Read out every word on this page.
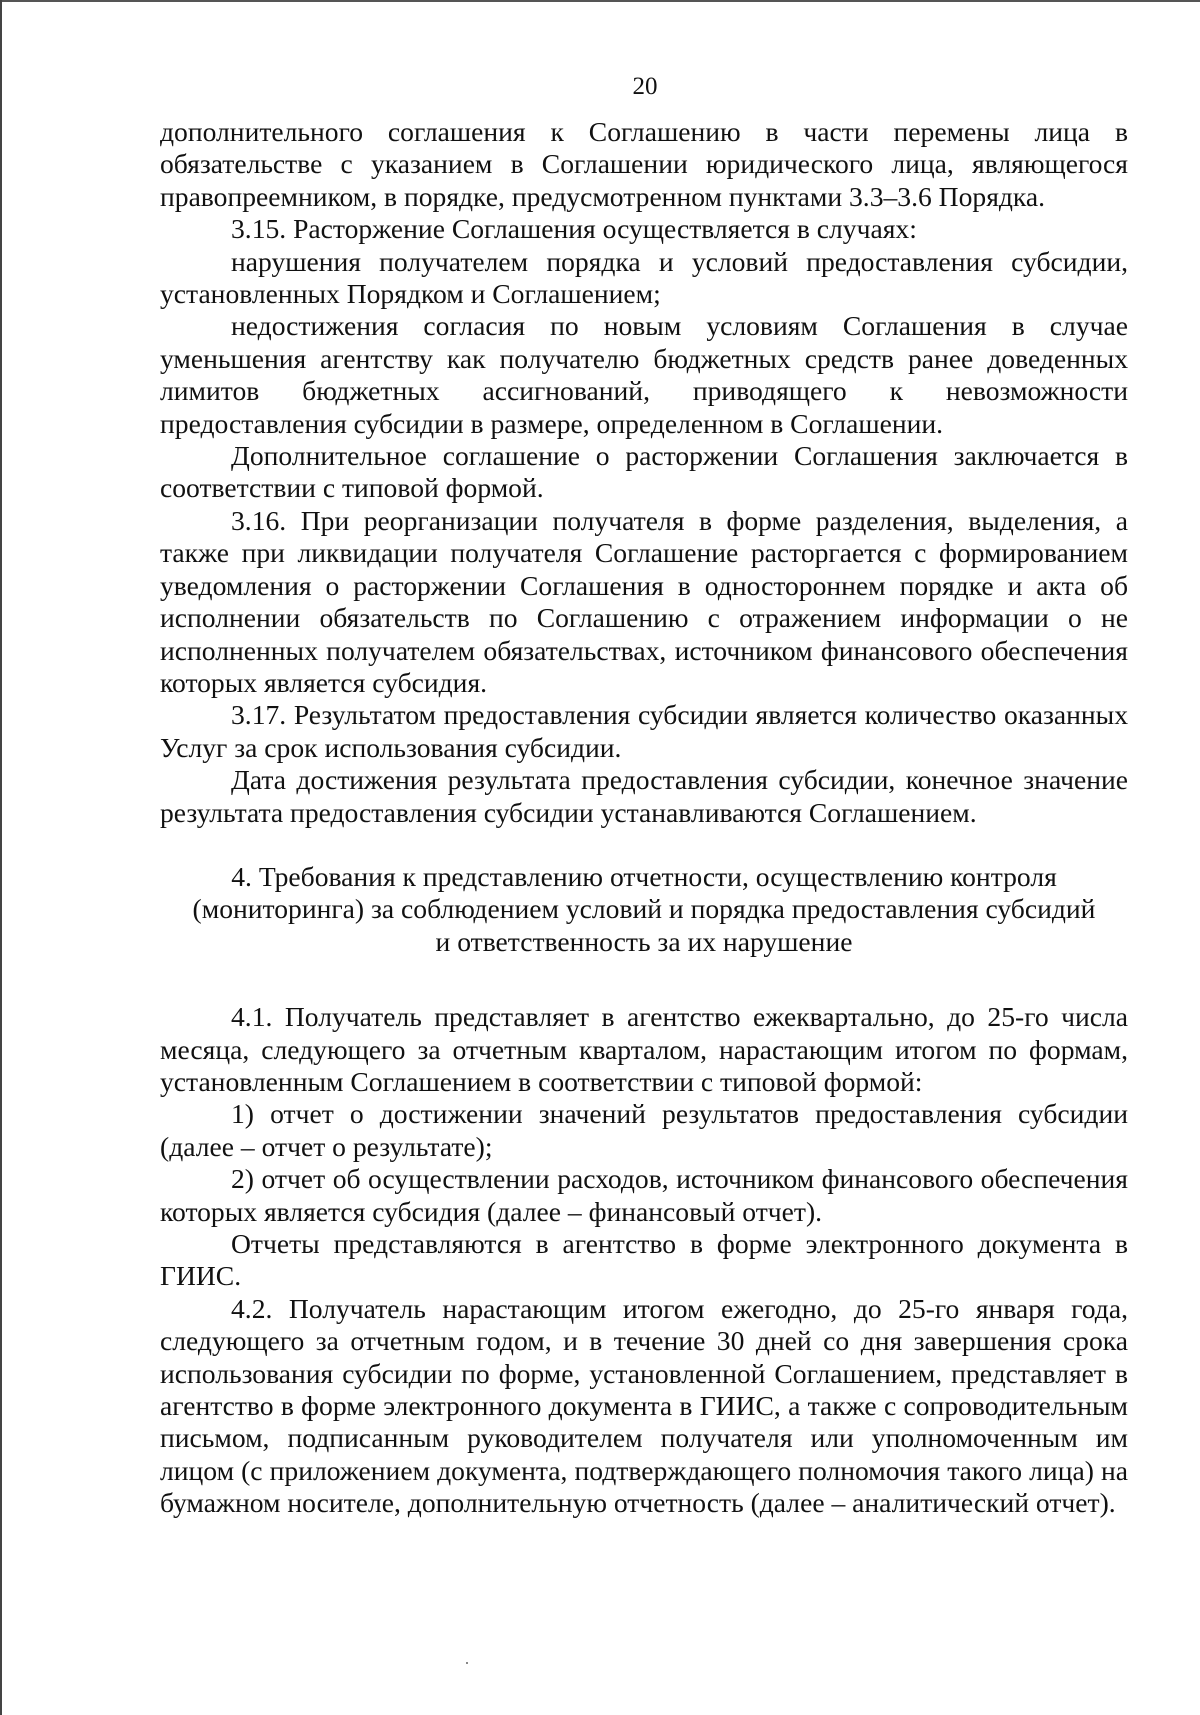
20

дополнительного соглашения к Соглашению в части перемены лица в обязательстве с указанием в Соглашении юридического лица, являющегося правопреемником, в порядке, предусмотренном пунктами 3.3–3.6 Порядка.

3.15. Расторжение Соглашения осуществляется в случаях:

нарушения получателем порядка и условий предоставления субсидии, установленных Порядком и Соглашением;

недостижения согласия по новым условиям Соглашения в случае уменьшения агентству как получателю бюджетных средств ранее доведенных лимитов бюджетных ассигнований, приводящего к невозможности предоставления субсидии в размере, определенном в Соглашении.

Дополнительное соглашение о расторжении Соглашения заключается в соответствии с типовой формой.

3.16. При реорганизации получателя в форме разделения, выделения, а также при ликвидации получателя Соглашение расторгается с формированием уведомления о расторжении Соглашения в одностороннем порядке и акта об исполнении обязательств по Соглашению с отражением информации о не исполненных получателем обязательствах, источником финансового обеспечения которых является субсидия.

3.17. Результатом предоставления субсидии является количество оказанных Услуг за срок использования субсидии.

Дата достижения результата предоставления субсидии, конечное значение результата предоставления субсидии устанавливаются Соглашением.

4. Требования к представлению отчетности, осуществлению контроля

(мониторинга) за соблюдением условий и порядка предоставления субсидий

и ответственность за их нарушение

4.1. Получатель представляет в агентство ежеквартально, до 25-го числа месяца, следующего за отчетным кварталом, нарастающим итогом по формам, установленным Соглашением в соответствии с типовой формой:

1) отчет о достижении значений результатов предоставления субсидии (далее – отчет о результате);

2) отчет об осуществлении расходов, источником финансового обеспечения которых является субсидия (далее – финансовый отчет).

Отчеты представляются в агентство в форме электронного документа в ГИИС.

4.2. Получатель нарастающим итогом ежегодно, до 25-го января года, следующего за отчетным годом, и в течение 30 дней со дня завершения срока использования субсидии по форме, установленной Соглашением, представляет в агентство в форме электронного документа в ГИИС, а также с сопроводительным письмом, подписанным руководителем получателя или уполномоченным им лицом (с приложением документа, подтверждающего полномочия такого лица) на бумажном носителе, дополнительную отчетность (далее – аналитический отчет).
